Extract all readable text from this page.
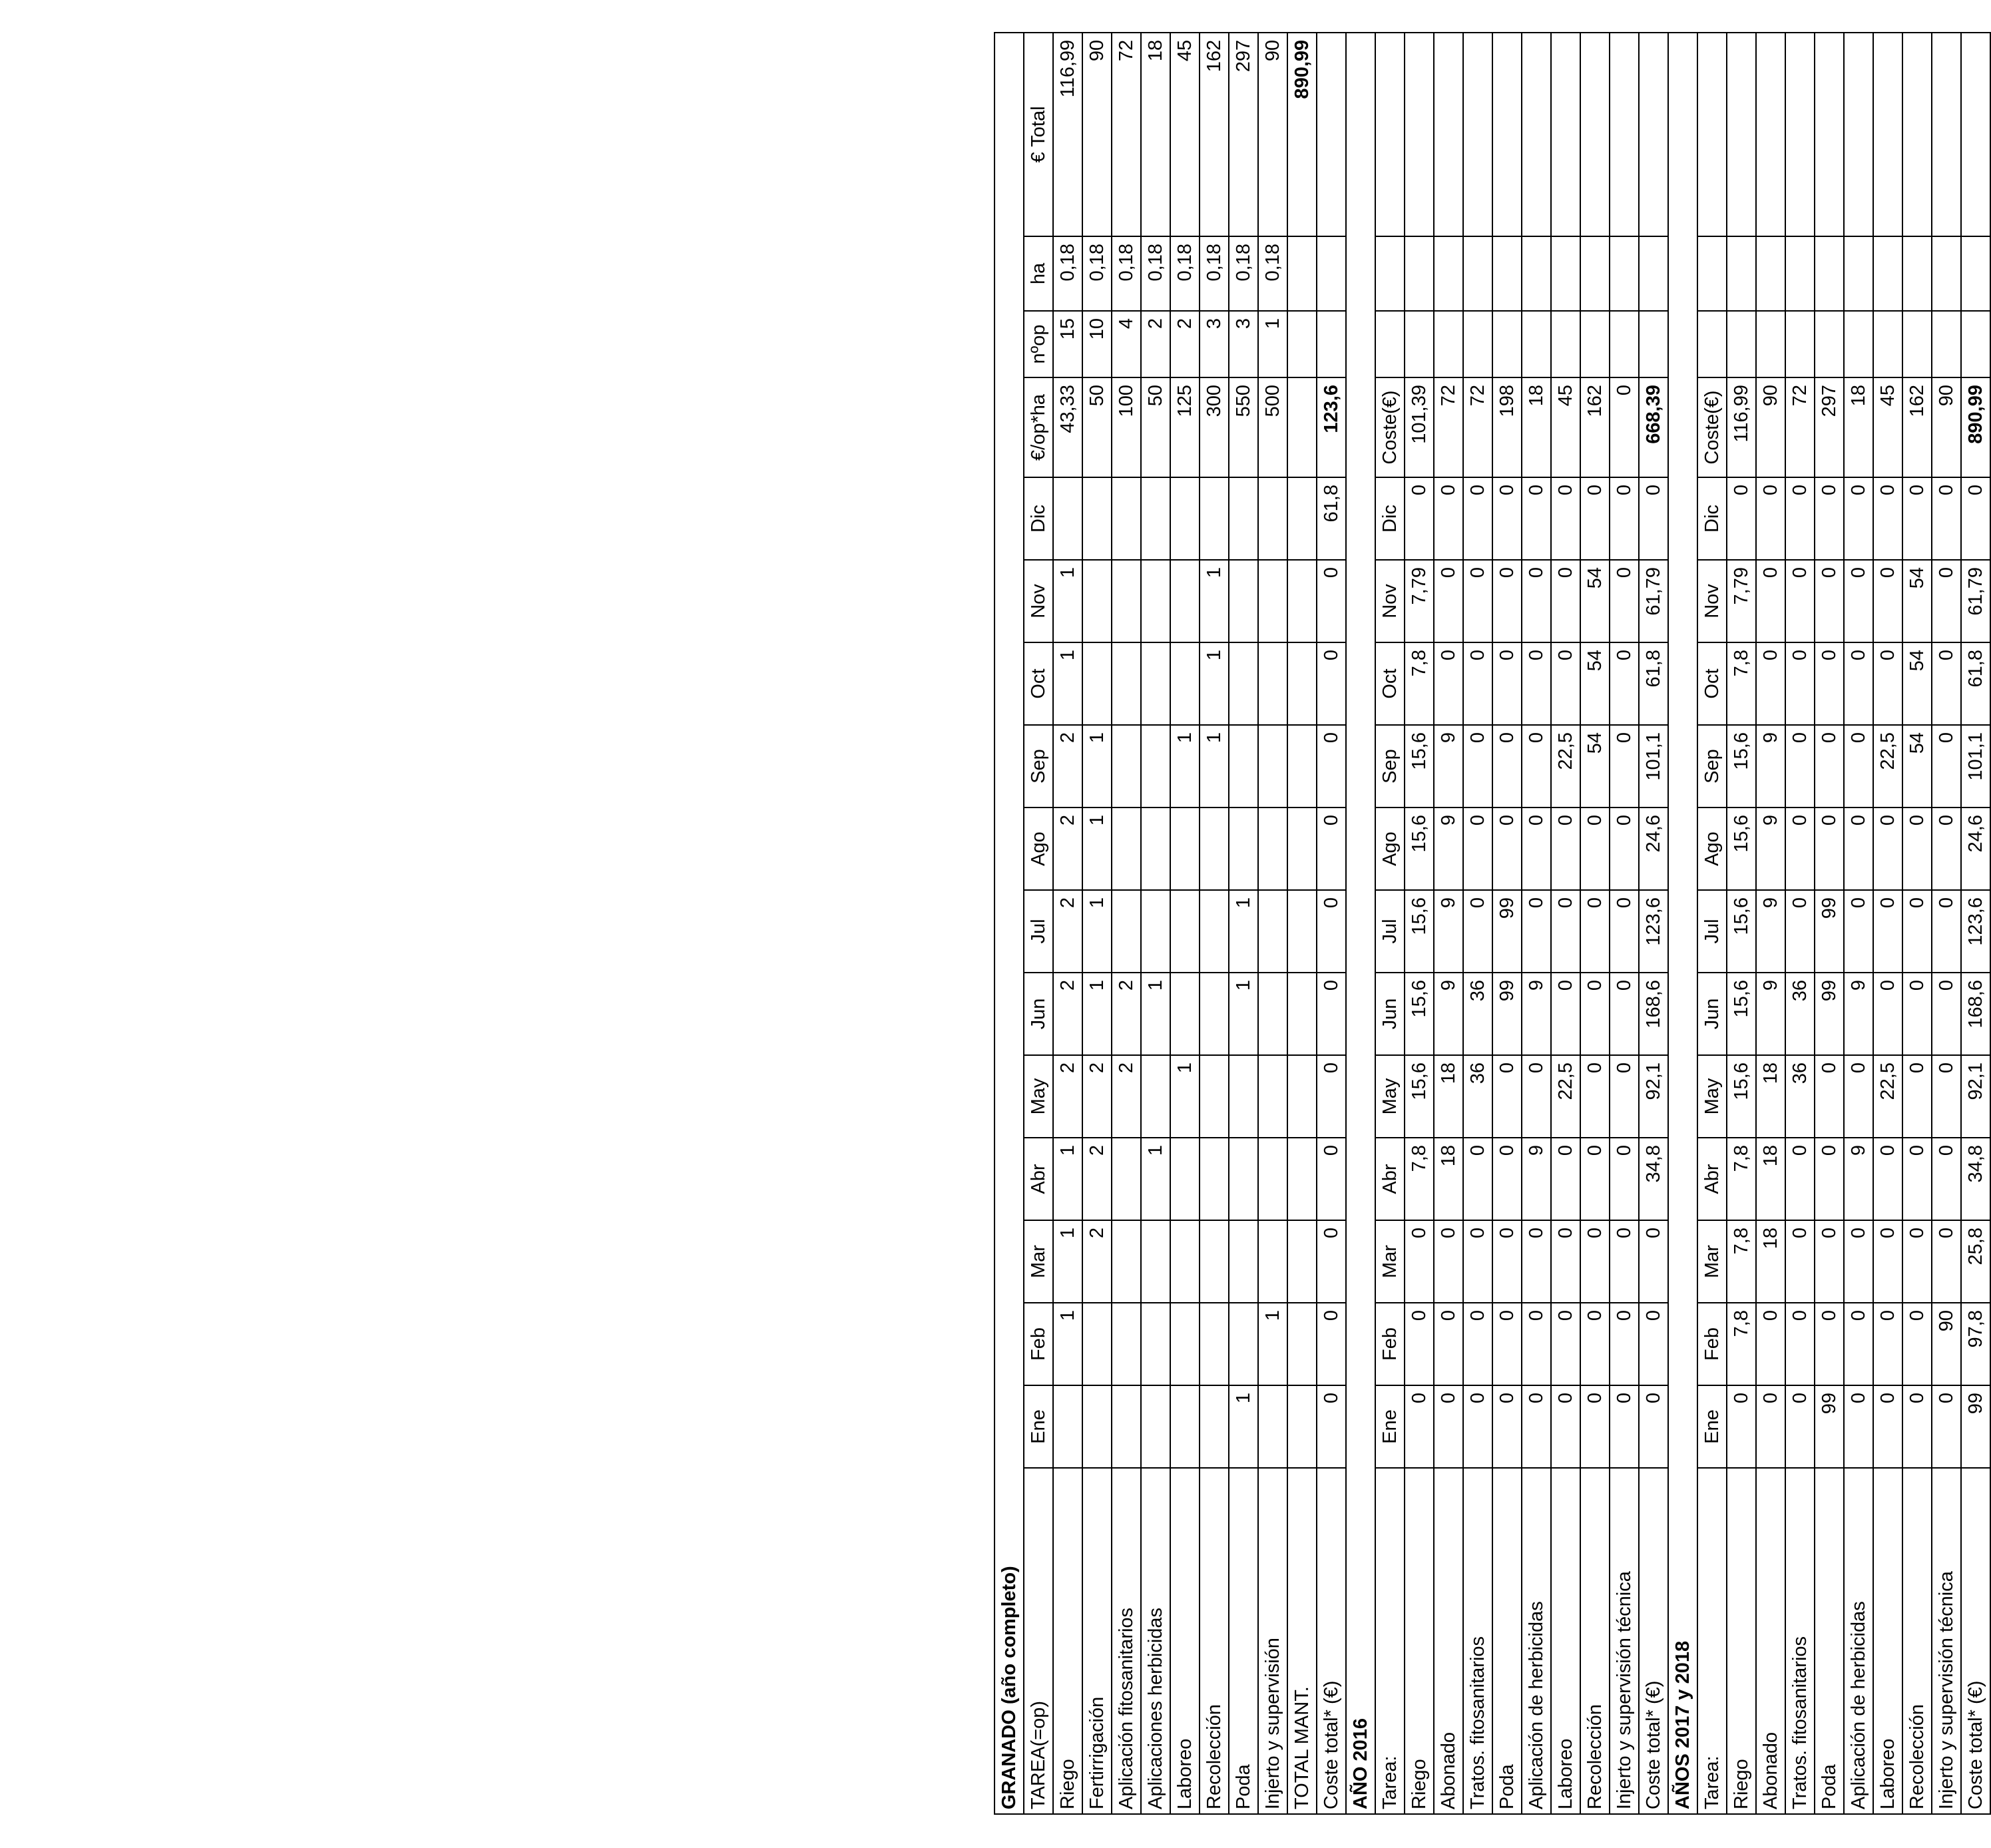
GRANADO (año completo)																
TAREA(=op)	Ene	Feb	Mar	Abr	May	Jun	Jul	Ago	Sep	Oct	Nov	Dic	€/op*ha	nºop	ha	€ Total
Riego		1	1	1	2	2	2	2	2	1	1		43,33	15	0,18	116,99
Fertirrigación			2	2	2	1	1	1	1				50	10	0,18	90
Aplicación fitosanitarios					2	2							100	4	0,18	72
Aplicaciones herbicidas				1		1							50	2	0,18	18
Laboreo					1				1				125	2	0,18	45
Recolección									1	1	1		300	3	0,18	162
Poda	1					1	1						550	3	0,18	297
Injerto y supervisión		1											500	1	0,18	90
TOTAL MANT.																890,99
Coste total* (€)	0	0	0	0	0	0	0	0	0	0	0	61,8	123,6			
AÑO 2016																
Tarea:	Ene	Feb	Mar	Abr	May	Jun	Jul	Ago	Sep	Oct	Nov	Dic	Coste(€)			
Riego	0	0	0	7,8	15,6	15,6	15,6	15,6	15,6	7,8	7,79	0	101,39			
Abonado	0	0	0	18	18	9	9	9	9	0	0	0	72			
Tratos. fitosanitarios	0	0	0	0	36	36	0	0	0	0	0	0	72			
Poda	0	0	0	0	0	99	99	0	0	0	0	0	198			
Aplicación de herbicidas	0	0	0	9	0	9	0	0	0	0	0	0	18			
Laboreo	0	0	0	0	22,5	0	0	0	22,5	0	0	0	45			
Recolección	0	0	0	0	0	0	0	0	54	54	54	0	162			
Injerto y supervisión técnica	0	0	0	0	0	0	0	0	0	0	0	0	0			
Coste total* (€)	0	0	0	34,8	92,1	168,6	123,6	24,6	101,1	61,8	61,79	0	668,39			
AÑOS 2017 y 2018																
Tarea:	Ene	Feb	Mar	Abr	May	Jun	Jul	Ago	Sep	Oct	Nov	Dic	Coste(€)			
Riego	0	7,8	7,8	7,8	15,6	15,6	15,6	15,6	15,6	7,8	7,79	0	116,99			
Abonado	0	0	18	18	18	9	9	9	9	0	0	0	90			
Tratos. fitosanitarios	0	0	0	0	36	36	0	0	0	0	0	0	72			
Poda	99	0	0	0	0	99	99	0	0	0	0	0	297			
Aplicación de herbicidas	0	0	0	9	0	9	0	0	0	0	0	0	18			
Laboreo	0	0	0	0	22,5	0	0	0	22,5	0	0	0	45			
Recolección	0	0	0	0	0	0	0	0	54	54	54	0	162			
Injerto y supervisión técnica	0	90	0	0	0	0	0	0	0	0	0	0	90			
Coste total* (€)	99	97,8	25,8	34,8	92,1	168,6	123,6	24,6	101,1	61,8	61,79	0	890,99			
